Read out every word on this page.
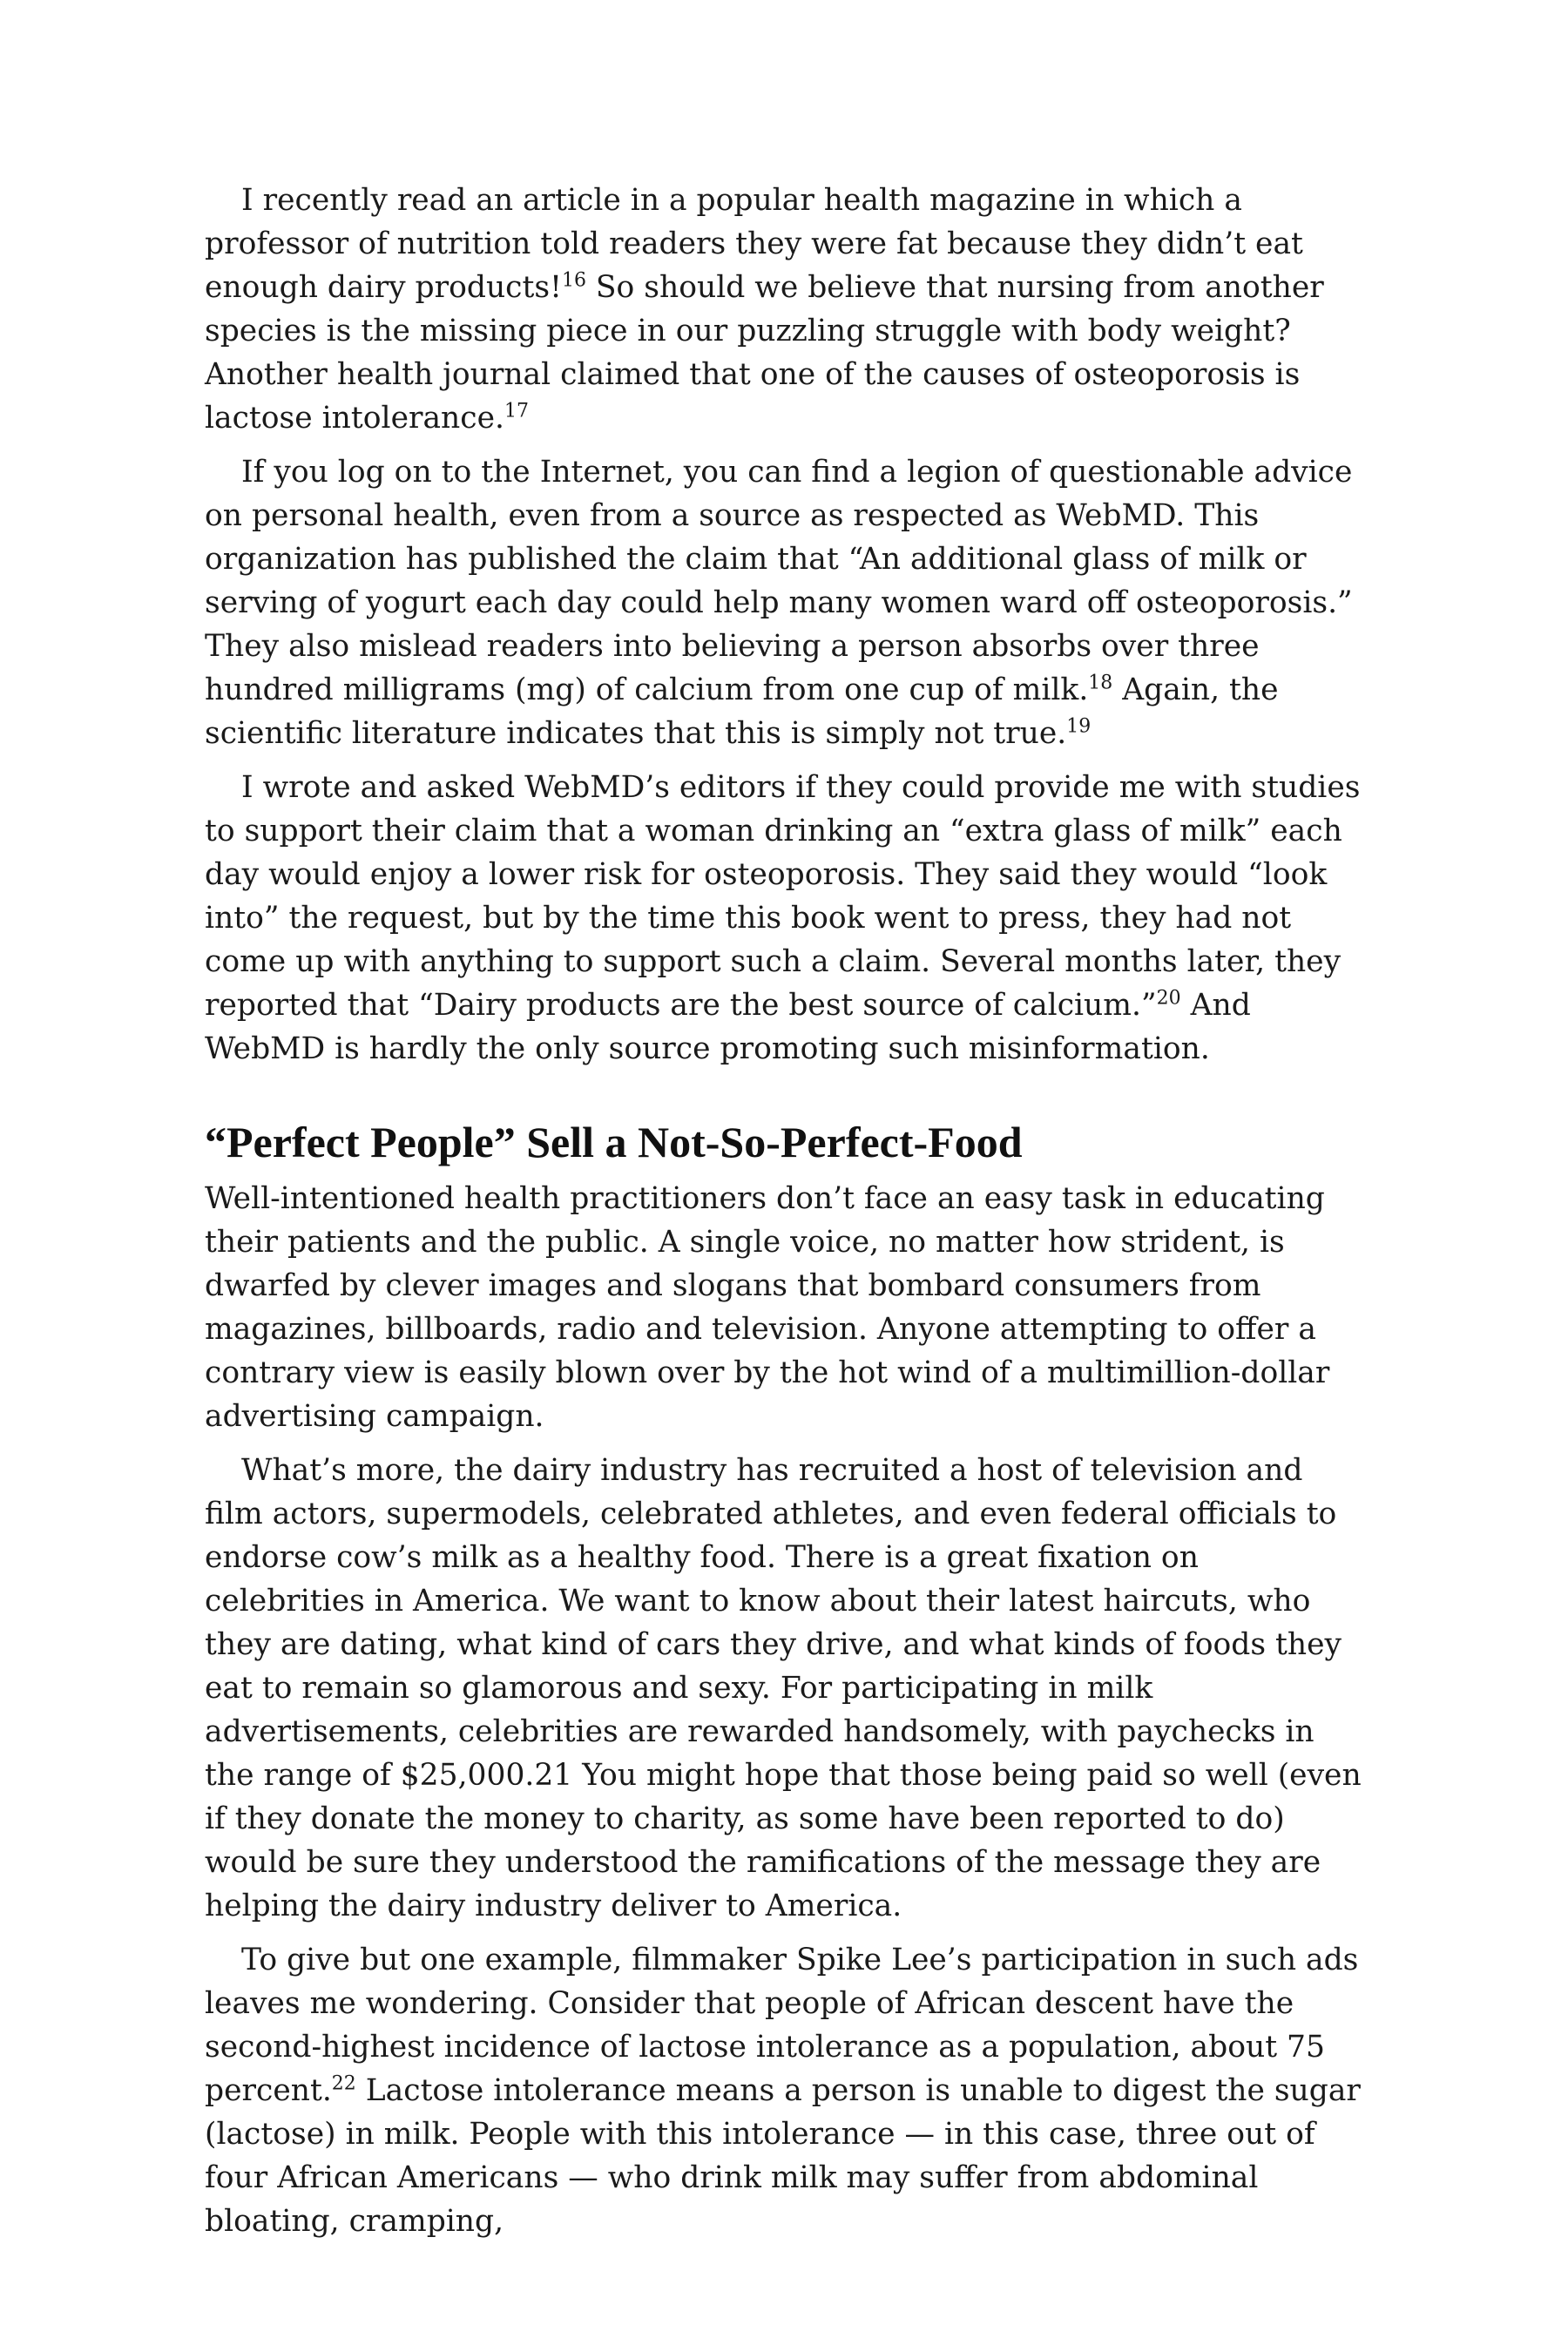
I recently read an article in a popular health magazine in which a professor of nutrition told readers they were fat because they didn’t eat enough dairy products!$^{16}$ So should we believe that nursing from another species is the missing piece in our puzzling struggle with body weight? Another health journal claimed that one of the causes of osteoporosis is lactose intolerance.$^{17}$

If you log on to the Internet, you can find a legion of questionable advice on personal health, even from a source as respected as WebMD. This organization has published the claim that “An additional glass of milk or serving of yogurt each day could help many women ward off osteoporosis.” They also mislead readers into believing a person absorbs over three hundred milligrams (mg) of calcium from one cup of milk.$^{18}$ Again, the scientific literature indicates that this is simply not true.$^{19}$

I wrote and asked WebMD’s editors if they could provide me with studies to support their claim that a woman drinking an “extra glass of milk” each day would enjoy a lower risk for osteoporosis. They said they would “look into” the request, but by the time this book went to press, they had not come up with anything to support such a claim. Several months later, they reported that “Dairy products are the best source of calcium.”$^{20}$ And WebMD is hardly the only source promoting such misinformation.

“Perfect People” Sell a Not-So-Perfect-Food

Well-intentioned health practitioners don’t face an easy task in educating their patients and the public. A single voice, no matter how strident, is dwarfed by clever images and slogans that bombard consumers from magazines, billboards, radio and television. Anyone attempting to offer a contrary view is easily blown over by the hot wind of a multimillion-dollar advertising campaign.

What’s more, the dairy industry has recruited a host of television and film actors, supermodels, celebrated athletes, and even federal officials to endorse cow’s milk as a healthy food. There is a great fixation on celebrities in America. We want to know about their latest haircuts, who they are dating, what kind of cars they drive, and what kinds of foods they eat to remain so glamorous and sexy. For participating in milk advertisements, celebrities are rewarded handsomely, with paychecks in the range of $25,000.21 You might hope that those being paid so well (even if they donate the money to charity, as some have been reported to do) would be sure they understood the ramifications of the message they are helping the dairy industry deliver to America.

To give but one example, filmmaker Spike Lee’s participation in such ads leaves me wondering. Consider that people of African descent have the second-highest incidence of lactose intolerance as a population, about 75 percent.$^{22}$ Lactose intolerance means a person is unable to digest the sugar (lactose) in milk. People with this intolerance — in this case, three out of four African Americans — who drink milk may suffer from abdominal bloating, cramping,
